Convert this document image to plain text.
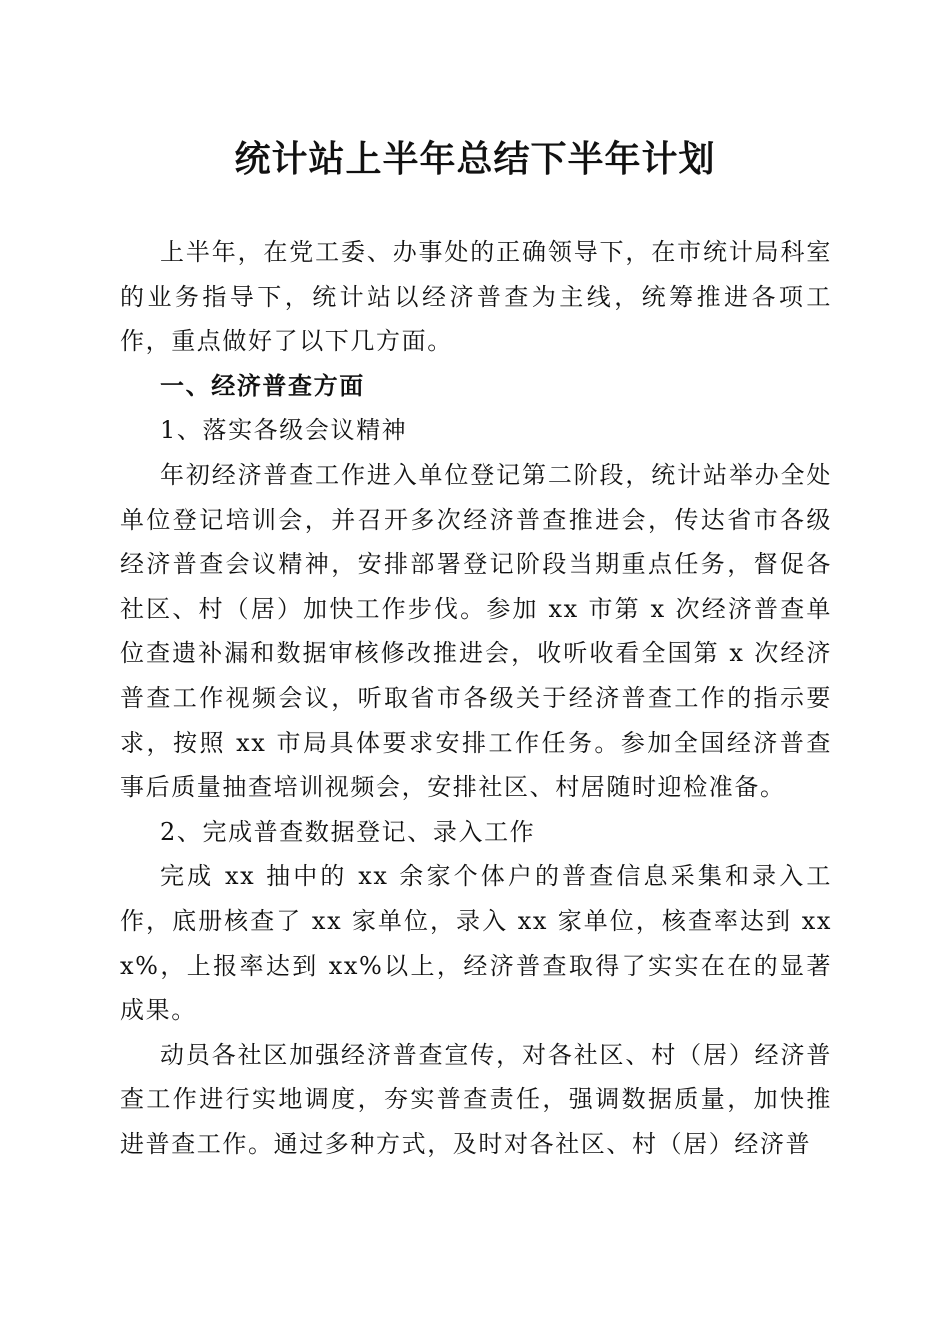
统计站上半年总结下半年计划

上半年，在党工委、办事处的正确领导下，在市统计局科室的业务指导下，统计站以经济普查为主线，统筹推进各项工作，重点做好了以下几方面。

一、经济普查方面

1、落实各级会议精神

年初经济普查工作进入单位登记第二阶段，统计站举办全处单位登记培训会，并召开多次经济普查推进会，传达省市各级经济普查会议精神，安排部署登记阶段当期重点任务，督促各社区、村（居）加快工作步伐。参加 xx 市第 x 次经济普查单位查遗补漏和数据审核修改推进会，收听收看全国第 x 次经济普查工作视频会议，听取省市各级关于经济普查工作的指示要求，按照 xx 市局具体要求安排工作任务。参加全国经济普查事后质量抽查培训视频会，安排社区、村居随时迎检准备。

2、完成普查数据登记、录入工作

完成 xx 抽中的 xx 余家个体户的普查信息采集和录入工作，底册核查了 xx 家单位，录入 xx 家单位，核查率达到 xxx%，上报率达到 xx%以上，经济普查取得了实实在在的显著成果。

动员各社区加强经济普查宣传，对各社区、村（居）经济普查工作进行实地调度，夯实普查责任，强调数据质量，加快推进普查工作。通过多种方式，及时对各社区、村（居）经济普
